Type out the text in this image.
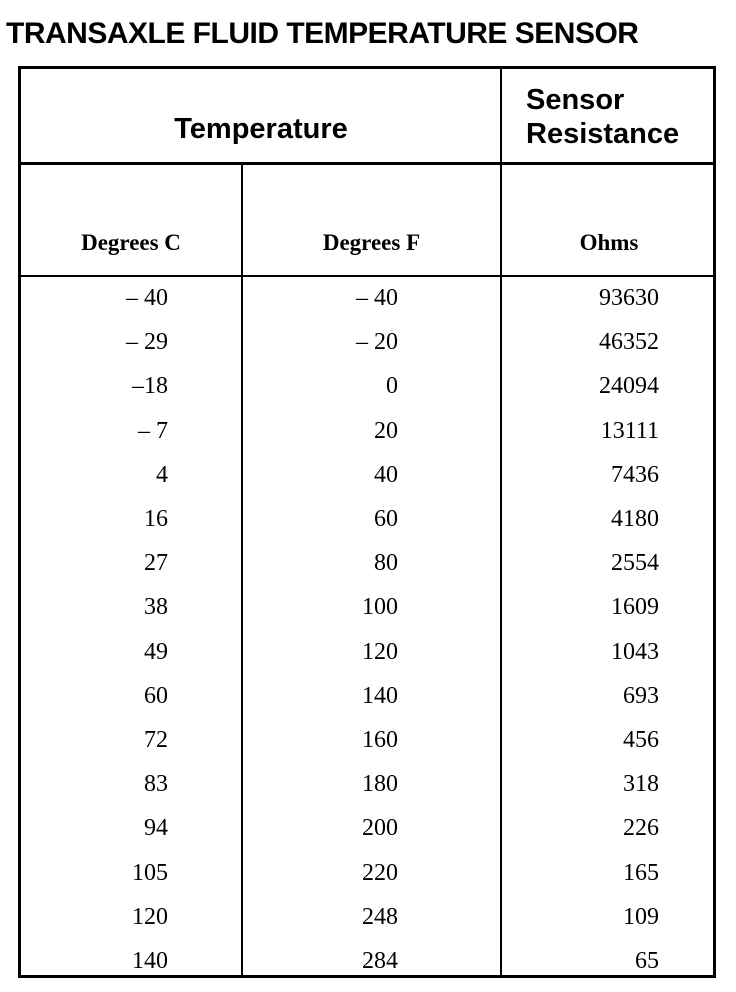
TRANSAXLE FLUID TEMPERATURE SENSOR
Temperature
Sensor
Resistance
Degrees C	Degrees F	Ohms
– 40	– 40	93630
– 29	– 20	46352
–18	0	24094
– 7	20	13111
4	40	7436
16	60	4180
27	80	2554
38	100	1609
49	120	1043
60	140	693
72	160	456
83	180	318
94	200	226
105	220	165
120	248	109
140	284	65
